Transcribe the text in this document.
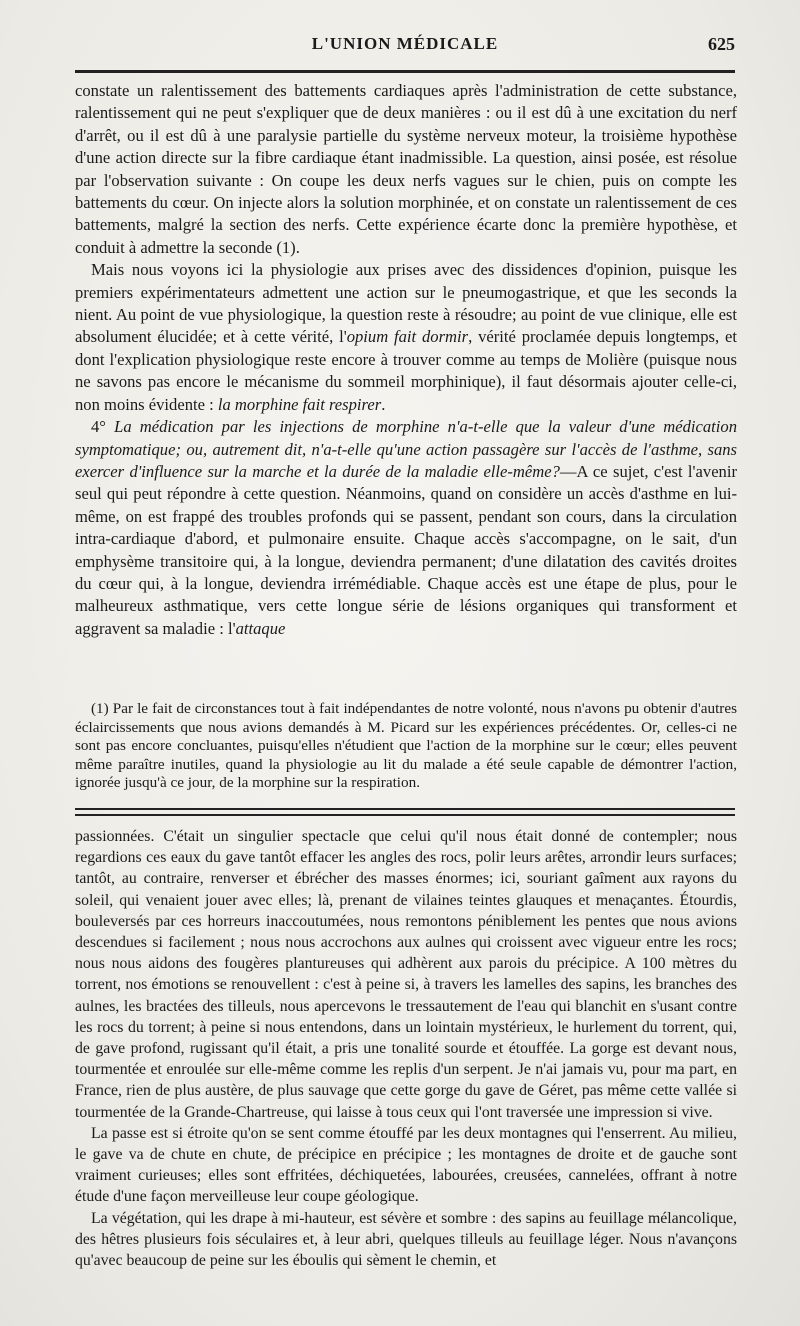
L'UNION MÉDICALE	625

constate un ralentissement des battements cardiaques après l'administration de cette substance, ralentissement qui ne peut s'expliquer que de deux manières : ou il est dû à une excitation du nerf d'arrêt, ou il est dû à une paralysie partielle du système nerveux moteur, la troisième hypothèse d'une action directe sur la fibre cardiaque étant inadmissible. La question, ainsi posée, est résolue par l'observation suivante : On coupe les deux nerfs vagues sur le chien, puis on compte les battements du cœur. On injecte alors la solution morphinée, et on constate un ralentissement de ces battements, malgré la section des nerfs. Cette expérience écarte donc la première hypothèse, et conduit à admettre la seconde (1).

Mais nous voyons ici la physiologie aux prises avec des dissidences d'opinion, puisque les premiers expérimentateurs admettent une action sur le pneumogastrique, et que les seconds la nient. Au point de vue physiologique, la question reste à résoudre; au point de vue clinique, elle est absolument élucidée; et à cette vérité, l'opium fait dormir, vérité proclamée depuis longtemps, et dont l'explication physiologique reste encore à trouver comme au temps de Molière (puisque nous ne savons pas encore le mécanisme du sommeil morphinique), il faut désormais ajouter celle-ci, non moins évidente : la morphine fait respirer.

4° La médication par les injections de morphine n'a-t-elle que la valeur d'une médication symptomatique; ou, autrement dit, n'a-t-elle qu'une action passagère sur l'accès de l'asthme, sans exercer d'influence sur la marche et la durée de la maladie elle-même?—A ce sujet, c'est l'avenir seul qui peut répondre à cette question. Néanmoins, quand on considère un accès d'asthme en lui-même, on est frappé des troubles profonds qui se passent, pendant son cours, dans la circulation intra-cardiaque d'abord, et pulmonaire ensuite. Chaque accès s'accompagne, on le sait, d'un emphysème transitoire qui, à la longue, deviendra permanent; d'une dilatation des cavités droites du cœur qui, à la longue, deviendra irrémédiable. Chaque accès est une étape de plus, pour le malheureux asthmatique, vers cette longue série de lésions organiques qui transforment et aggravent sa maladie : l'attaque

(1) Par le fait de circonstances tout à fait indépendantes de notre volonté, nous n'avons pu obtenir d'autres éclaircissements que nous avions demandés à M. Picard sur les expériences précédentes. Or, celles-ci ne sont pas encore concluantes, puisqu'elles n'étudient que l'action de la morphine sur le cœur; elles peuvent même paraître inutiles, quand la physiologie au lit du malade a été seule capable de démontrer l'action, ignorée jusqu'à ce jour, de la morphine sur la respiration.

passionnées. C'était un singulier spectacle que celui qu'il nous était donné de contempler; nous regardions ces eaux du gave tantôt effacer les angles des rocs, polir leurs arêtes, arrondir leurs surfaces; tantôt, au contraire, renverser et ébrécher des masses énormes; ici, souriant gaîment aux rayons du soleil, qui venaient jouer avec elles; là, prenant de vilaines teintes glauques et menaçantes. Étourdis, bouleversés par ces horreurs inaccoutumées, nous remontons péniblement les pentes que nous avions descendues si facilement ; nous nous accrochons aux aulnes qui croissent avec vigueur entre les rocs; nous nous aidons des fougères plantureuses qui adhèrent aux parois du précipice. A 100 mètres du torrent, nos émotions se renouvellent : c'est à peine si, à travers les lamelles des sapins, les branches des aulnes, les bractées des tilleuls, nous apercevons le tressautement de l'eau qui blanchit en s'usant contre les rocs du torrent; à peine si nous entendons, dans un lointain mystérieux, le hurlement du torrent, qui, de gave profond, rugissant qu'il était, a pris une tonalité sourde et étouffée. La gorge est devant nous, tourmentée et enroulée sur elle-même comme les replis d'un serpent. Je n'ai jamais vu, pour ma part, en France, rien de plus austère, de plus sauvage que cette gorge du gave de Géret, pas même cette vallée si tourmentée de la Grande-Chartreuse, qui laisse à tous ceux qui l'ont traversée une impression si vive.

La passe est si étroite qu'on se sent comme étouffé par les deux montagnes qui l'enserrent. Au milieu, le gave va de chute en chute, de précipice en précipice ; les montagnes de droite et de gauche sont vraiment curieuses; elles sont effritées, déchiquetées, labourées, creusées, cannelées, offrant à notre étude d'une façon merveilleuse leur coupe géologique.

La végétation, qui les drape à mi-hauteur, est sévère et sombre : des sapins au feuillage mélancolique, des hêtres plusieurs fois séculaires et, à leur abri, quelques tilleuls au feuillage léger. Nous n'avançons qu'avec beaucoup de peine sur les éboulis qui sèment le chemin, et
